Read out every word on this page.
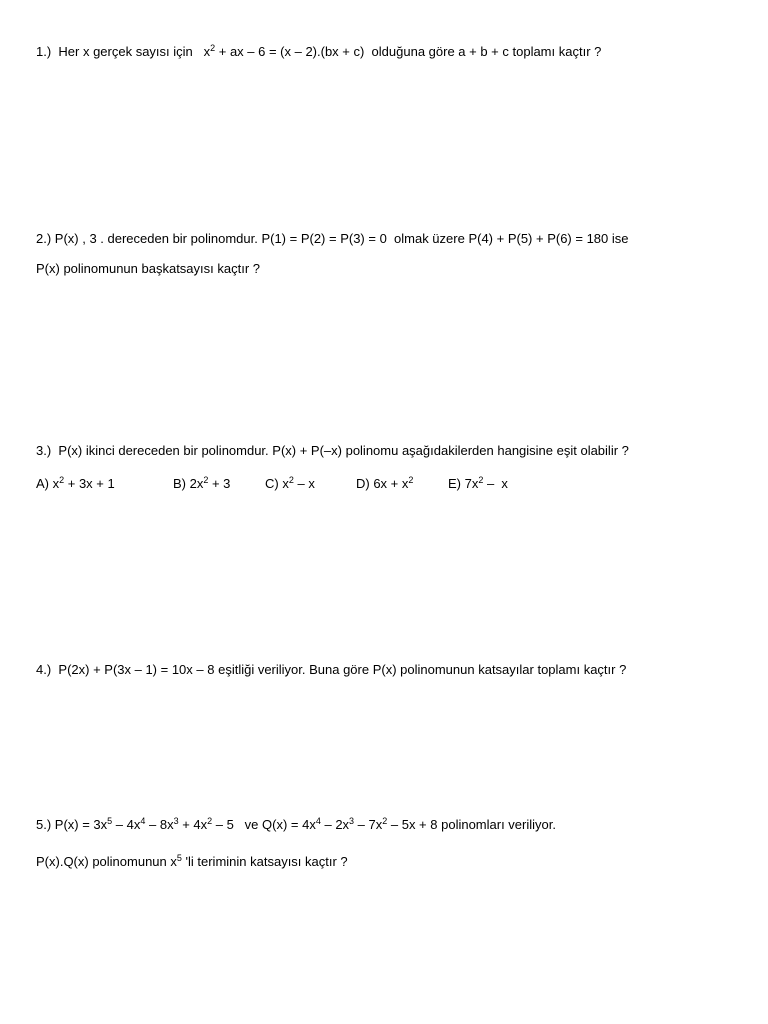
1.)  Her x gerçek sayısı için   $x^2$ + ax – 6 = (x – 2).(bx + c)  olduğuna göre a + b + c toplamı kaçtır ?
2.) P(x) , 3 . dereceden bir polinomdur. P(1) = P(2) = P(3) = 0  olmak üzere P(4) + P(5) + P(6) = 180 ise
P(x) polinomunun başkatsayısı kaçtır ?
3.)  P(x) ikinci dereceden bir polinomdur. P(x) + P(–x) polinomu aşağıdakilerden hangisine eşit olabilir ?
A) $x^2 + 3x + 1$	B) $2x^2 + 3$	C) $x^2$ – x	D) $6x + x^2$	E) $7x^2$ –  x
4.)  P(2x) + P(3x – 1) = 10x – 8 eşitliği veriliyor. Buna göre P(x) polinomunun katsayılar toplamı kaçtır ?
5.) $P(x) = 3x^5 - 4x^4 - 8x^3 + 4x^2 - 5$   ve $Q(x) = 4x^4 - 2x^3 - 7x^2 - 5x + 8$ polinomları veriliyor.
P(x).Q(x) polinomunun $x^5$ 'li teriminin katsayısı kaçtır ?
